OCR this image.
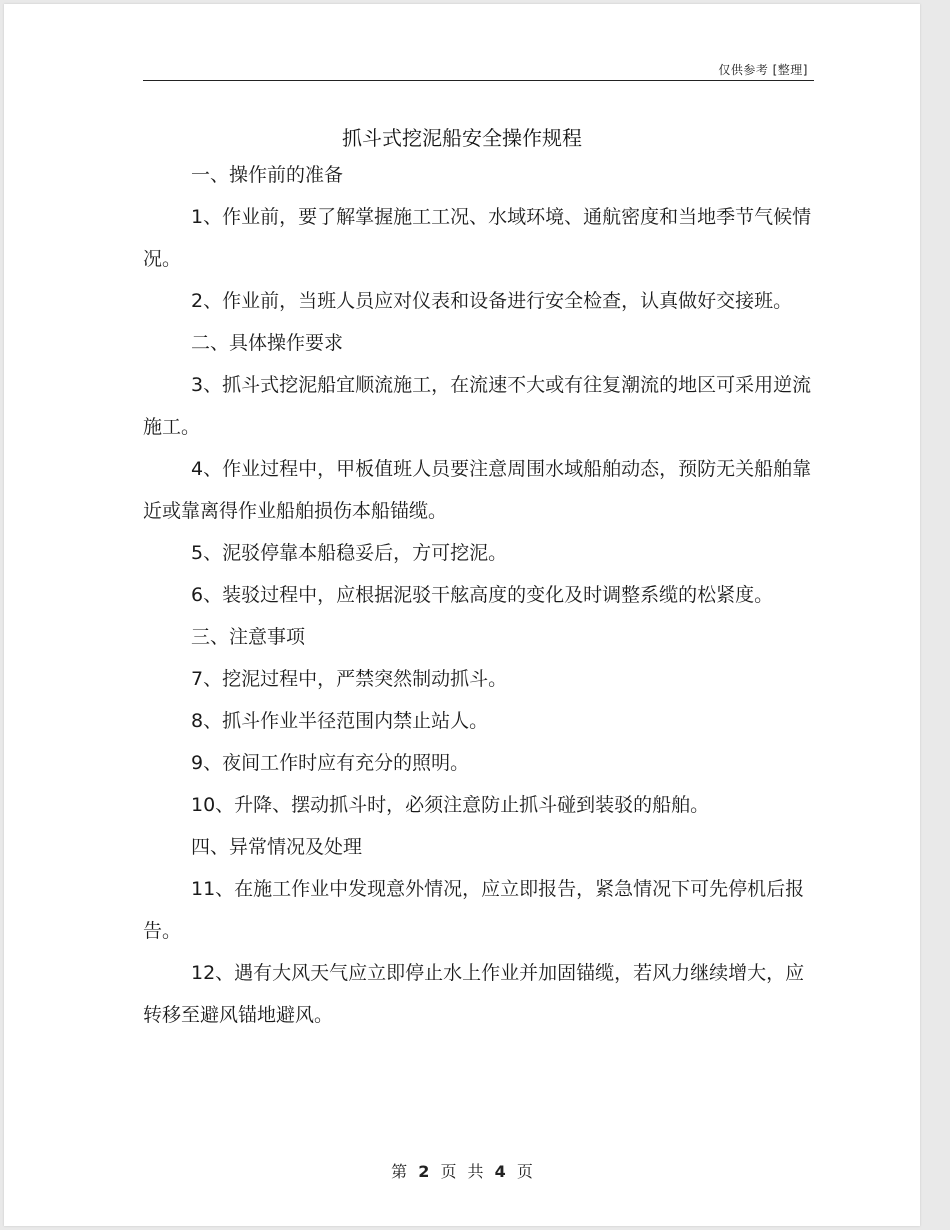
仅供参考 [整理]
抓斗式挖泥船安全操作规程

一、操作前的准备

1、作业前，要了解掌握施工工况、水域环境、通航密度和当地季节气候情况。

2、作业前，当班人员应对仪表和设备进行安全检查，认真做好交接班。

二、具体操作要求

3、抓斗式挖泥船宜顺流施工，在流速不大或有往复潮流的地区可采用逆流施工。

4、作业过程中，甲板值班人员要注意周围水域船舶动态，预防无关船舶靠近或靠离得作业船舶损伤本船锚缆。

5、泥驳停靠本船稳妥后，方可挖泥。

6、装驳过程中，应根据泥驳干舷高度的变化及时调整系缆的松紧度。

三、注意事项

7、挖泥过程中，严禁突然制动抓斗。

8、抓斗作业半径范围内禁止站人。

9、夜间工作时应有充分的照明。

10、升降、摆动抓斗时，必须注意防止抓斗碰到装驳的船舶。

四、异常情况及处理

11、在施工作业中发现意外情况，应立即报告，紧急情况下可先停机后报告。

12、遇有大风天气应立即停止水上作业并加固锚缆，若风力继续增大，应转移至避风锚地避风。

第 2 页 共 4 页
